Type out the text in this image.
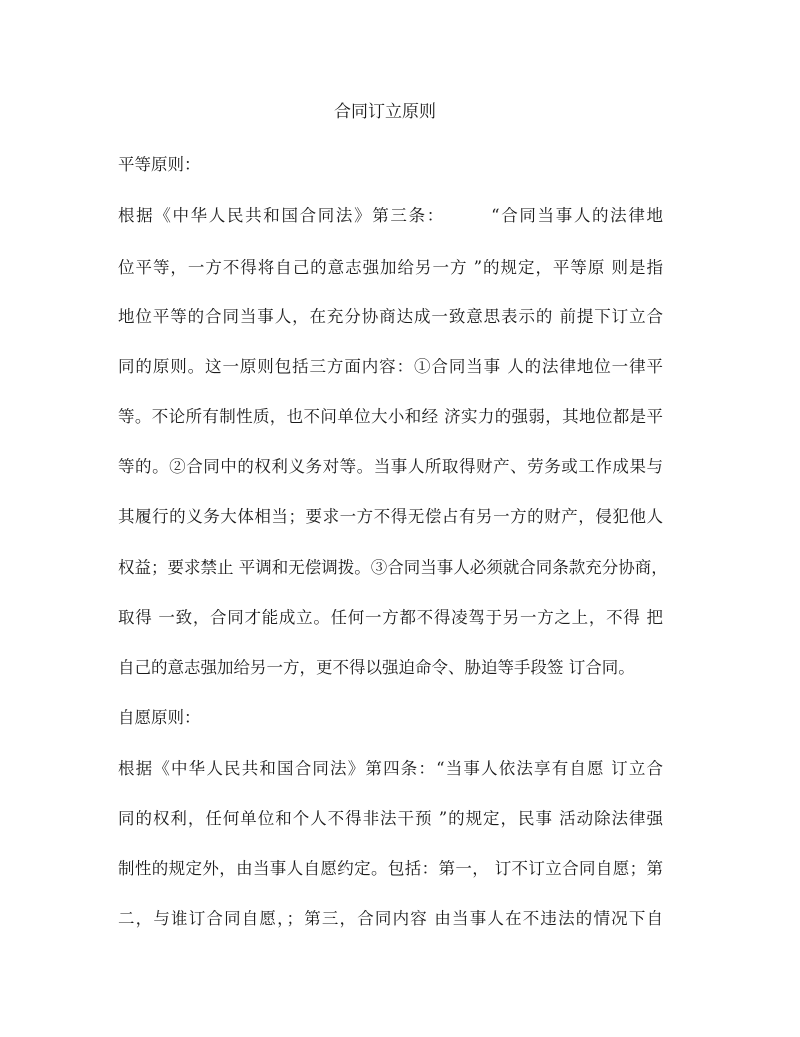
合同订立原则
平等原则：
根据《中华人民共和国合同法》第三条：　　　“合同当事人的法律地
位平等，一方不得将自己的意志强加给另一方 ”的规定，平等原 则是指
地位平等的合同当事人，在充分协商达成一致意思表示的 前提下订立合
同的原则。这一原则包括三方面内容：①合同当事 人的法律地位一律平
等。不论所有制性质，也不问单位大小和经 济实力的强弱，其地位都是平
等的。②合同中的权利义务对等。当事人所取得财产、劳务或工作成果与
其履行的义务大体相当；要求一方不得无偿占有另一方的财产，侵犯他人
权益；要求禁止 平调和无偿调拨。③合同当事人必须就合同条款充分协商，
取得 一致，合同才能成立。任何一方都不得凌驾于另一方之上，不得 把
自己的意志强加给另一方，更不得以强迫命令、胁迫等手段签 订合同。
自愿原则：
根据《中华人民共和国合同法》第四条：“当事人依法享有自愿 订立合
同的权利，任何单位和个人不得非法干预 ”的规定，民事 活动除法律强
制性的规定外，由当事人自愿约定。包括：第一， 订不订立合同自愿；第
二，与谁订合同自愿，；第三，合同内容 由当事人在不违法的情况下自
